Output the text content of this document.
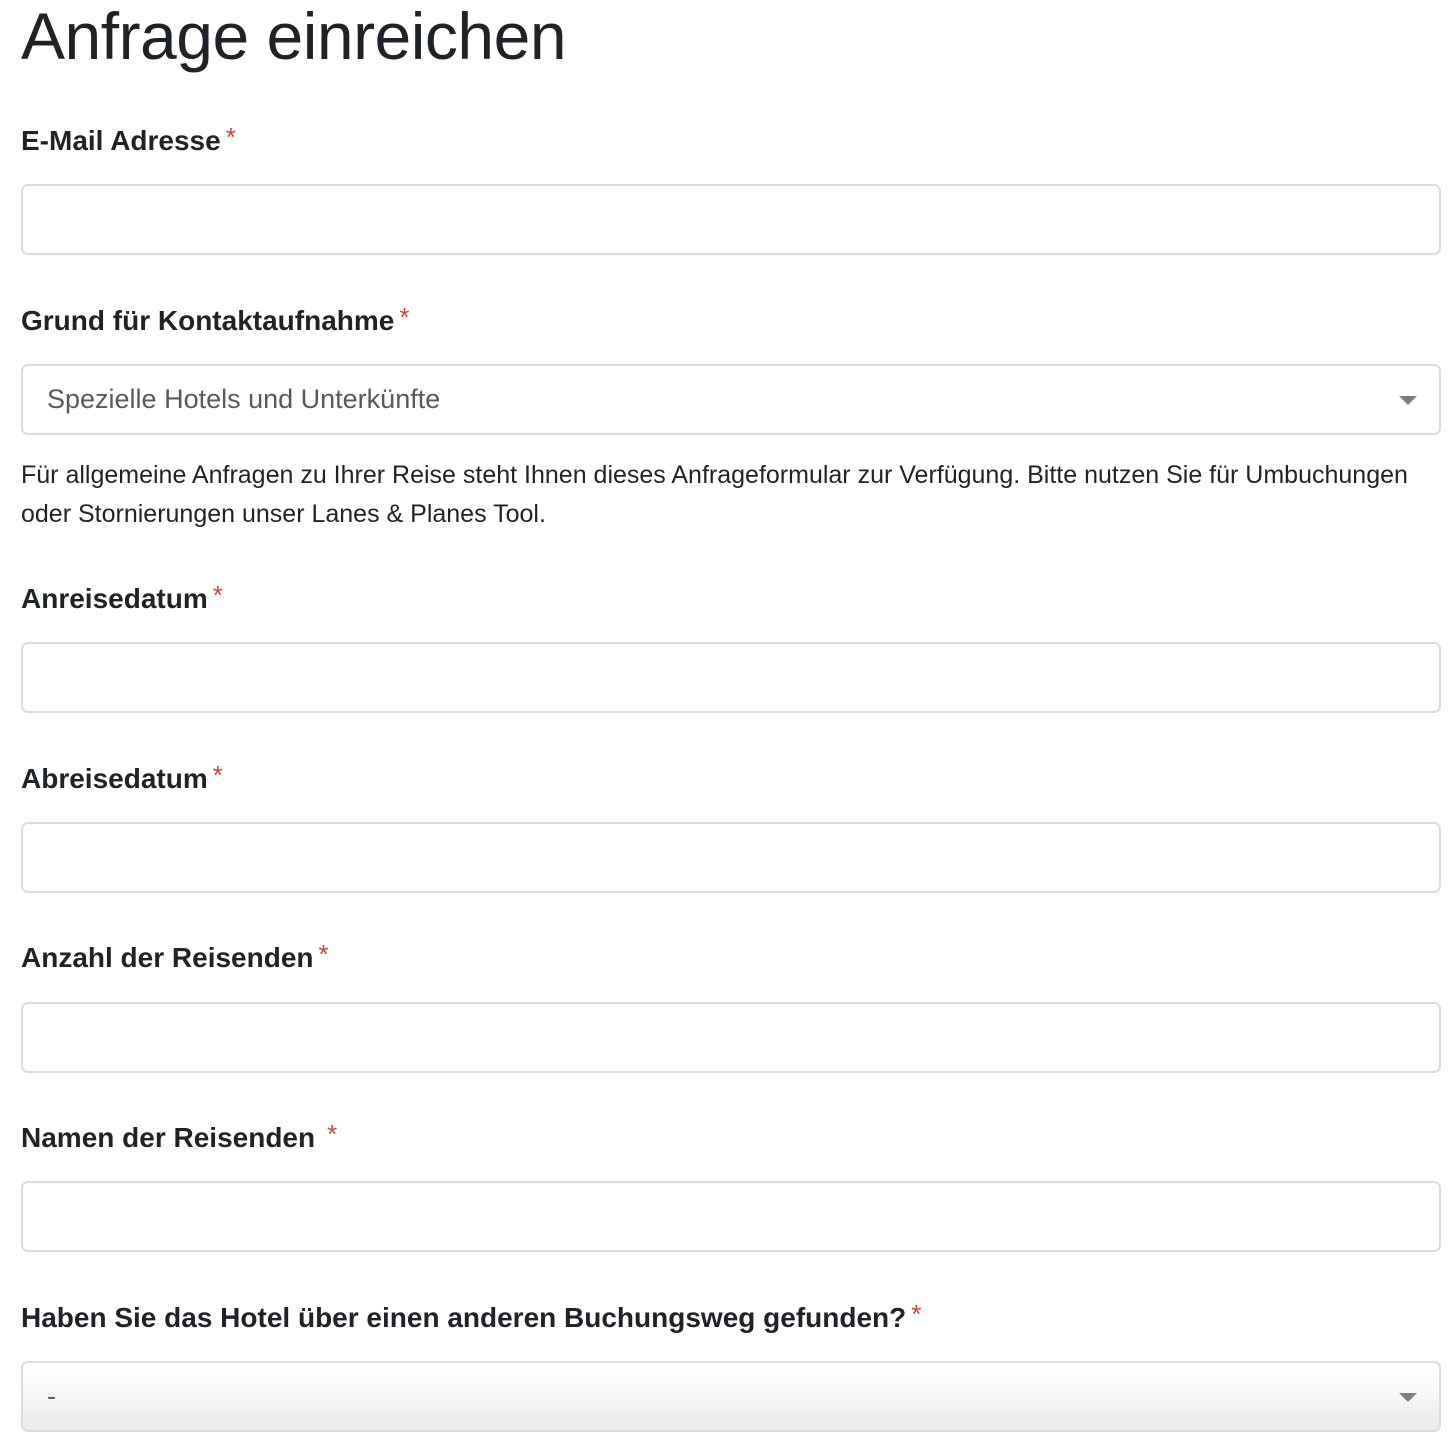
Anfrage einreichen
E-Mail Adresse *
Grund für Kontaktaufnahme *
Spezielle Hotels und Unterkünfte
Für allgemeine Anfragen zu Ihrer Reise steht Ihnen dieses Anfrageformular zur Verfügung. Bitte nutzen Sie für Umbuchungen oder Stornierungen unser Lanes & Planes Tool.
Anreisedatum *
Abreisedatum *
Anzahl der Reisenden *
Namen der Reisenden *
Haben Sie das Hotel über einen anderen Buchungsweg gefunden? *
-
